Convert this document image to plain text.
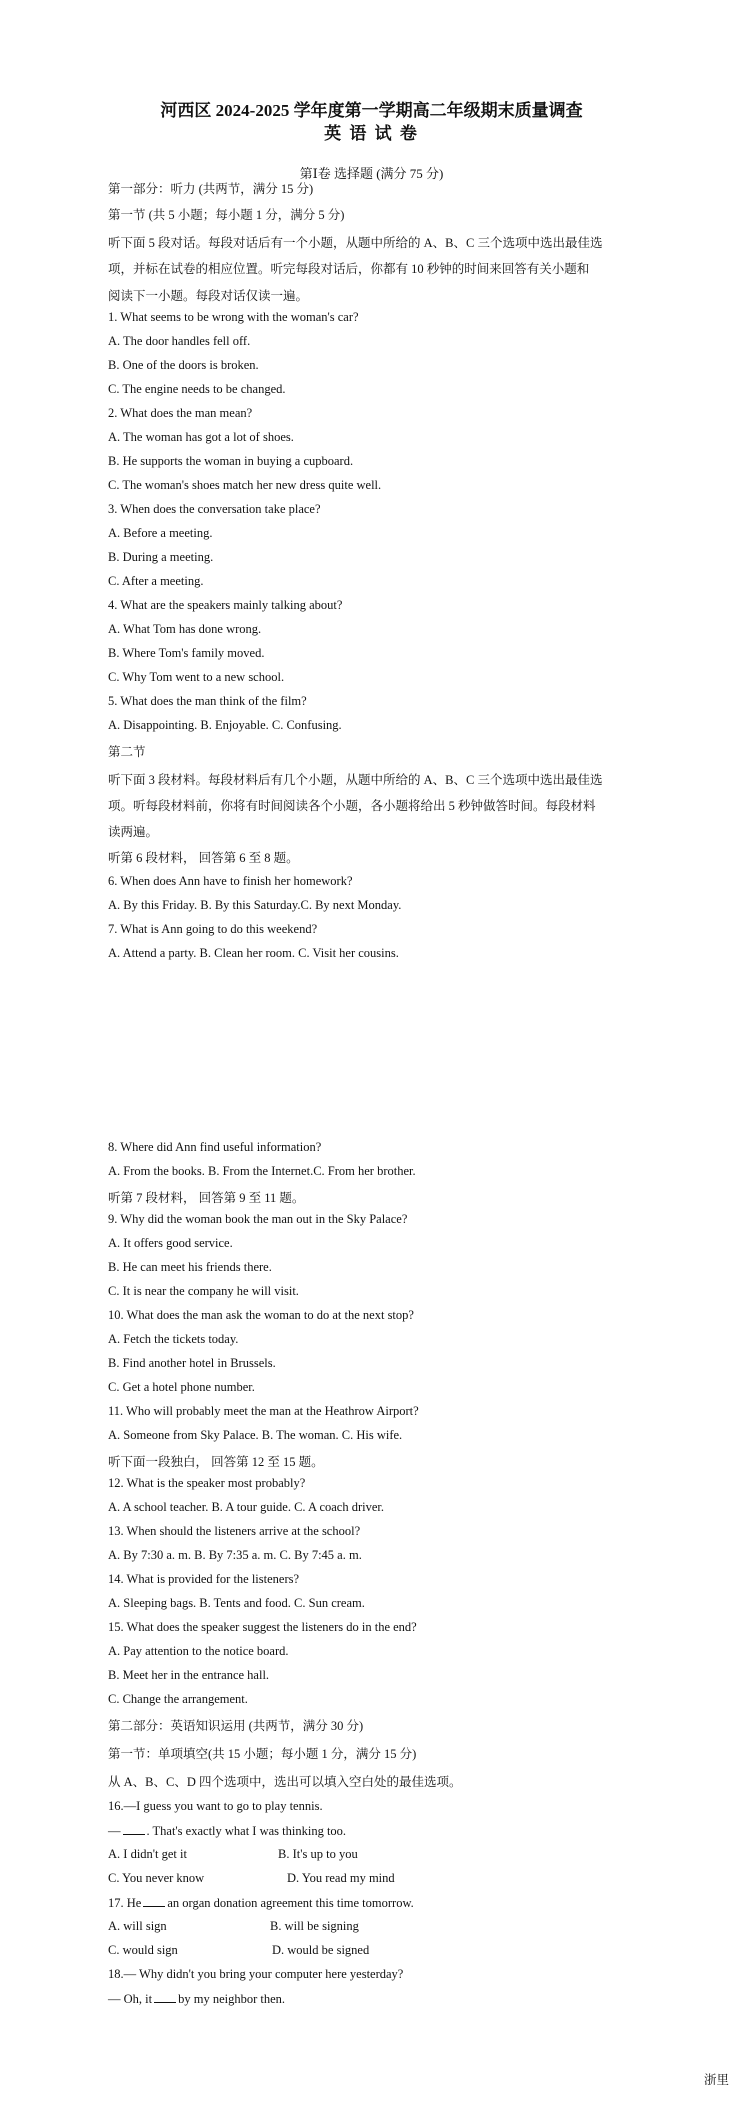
河西区 2024-2025 学年度第一学期高二年级期末质量调查
英 语 试 卷
第Ⅰ卷 选择题 (满分 75 分)
第一部分：听力 (共两节，满分 15 分)
第一节 (共 5 小题；每小题 1 分，满分 5 分)
听下面 5 段对话。每段对话后有一个小题，从题中所给的 A、B、C 三个选项中选出最佳选
项，并标在试卷的相应位置。听完每段对话后，你都有 10 秒钟的时间来回答有关小题和
阅读下一小题。每段对话仅读一遍。
1. What seems to be wrong with the woman's car?
A. The door handles fell off.
B. One of the doors is broken.
C. The engine needs to be changed.
2. What does the man mean?
A. The woman has got a lot of shoes.
B. He supports the woman in buying a cupboard.
C. The woman's shoes match her new dress quite well.
3. When does the conversation take place?
A. Before a meeting.
B. During a meeting.
C. After a meeting.
4. What are the speakers mainly talking about?
A. What Tom has done wrong.
B. Where Tom's family moved.
C. Why Tom went to a new school.
5. What does the man think of the film?
A. Disappointing. B. Enjoyable. C. Confusing.
第二节
听下面 3 段材料。每段材料后有几个小题，从题中所给的 A、B、C 三个选项中选出最佳选
项。听每段材料前，你将有时间阅读各个小题，各小题将给出 5 秒钟做答时间。每段材料
读两遍。
听第 6 段材料， 回答第 6 至 8 题。
6. When does Ann have to finish her homework?
A. By this Friday. B. By this Saturday.C. By next Monday.
7. What is Ann going to do this weekend?
A. Attend a party. B. Clean her room. C. Visit her cousins.
8. Where did Ann find useful information?
A. From the books. B. From the Internet.C. From her brother.
听第 7 段材料， 回答第 9 至 11 题。
9. Why did the woman book the man out in the Sky Palace?
A. It offers good service.
B. He can meet his friends there.
C. It is near the company he will visit.
10. What does the man ask the woman to do at the next stop?
A. Fetch the tickets today.
B. Find another hotel in Brussels.
C. Get a hotel phone number.
11. Who will probably meet the man at the Heathrow Airport?
A. Someone from Sky Palace. B. The woman. C. His wife.
听下面一段独白， 回答第 12 至 15 题。
12. What is the speaker most probably?
A. A school teacher. B. A tour guide. C. A coach driver.
13. When should the listeners arrive at the school?
A. By 7:30 a. m. B. By 7:35 a. m. C. By 7:45 a. m.
14. What is provided for the listeners?
A. Sleeping bags. B. Tents and food. C. Sun cream.
15. What does the speaker suggest the listeners do in the end?
A. Pay attention to the notice board.
B. Meet her in the entrance hall.
C. Change the arrangement.
第二部分：英语知识运用 (共两节，满分 30 分)
第一节：单项填空(共 15 小题；每小题 1 分，满分 15 分)
从 A、B、C、D 四个选项中，选出可以填入空白处的最佳选项。
16.—I guess you want to go to play tennis.
— . That's exactly what I was thinking too.
A. I didn't get it	B. It's up to you
C. You never know	D. You read my mind
17. He an organ donation agreement this time tomorrow.
A. will sign	B. will be signing
C. would sign	D. would be signed
18.— Why didn't you bring your computer here yesterday?
— Oh, it by my neighbor then.
浙里
